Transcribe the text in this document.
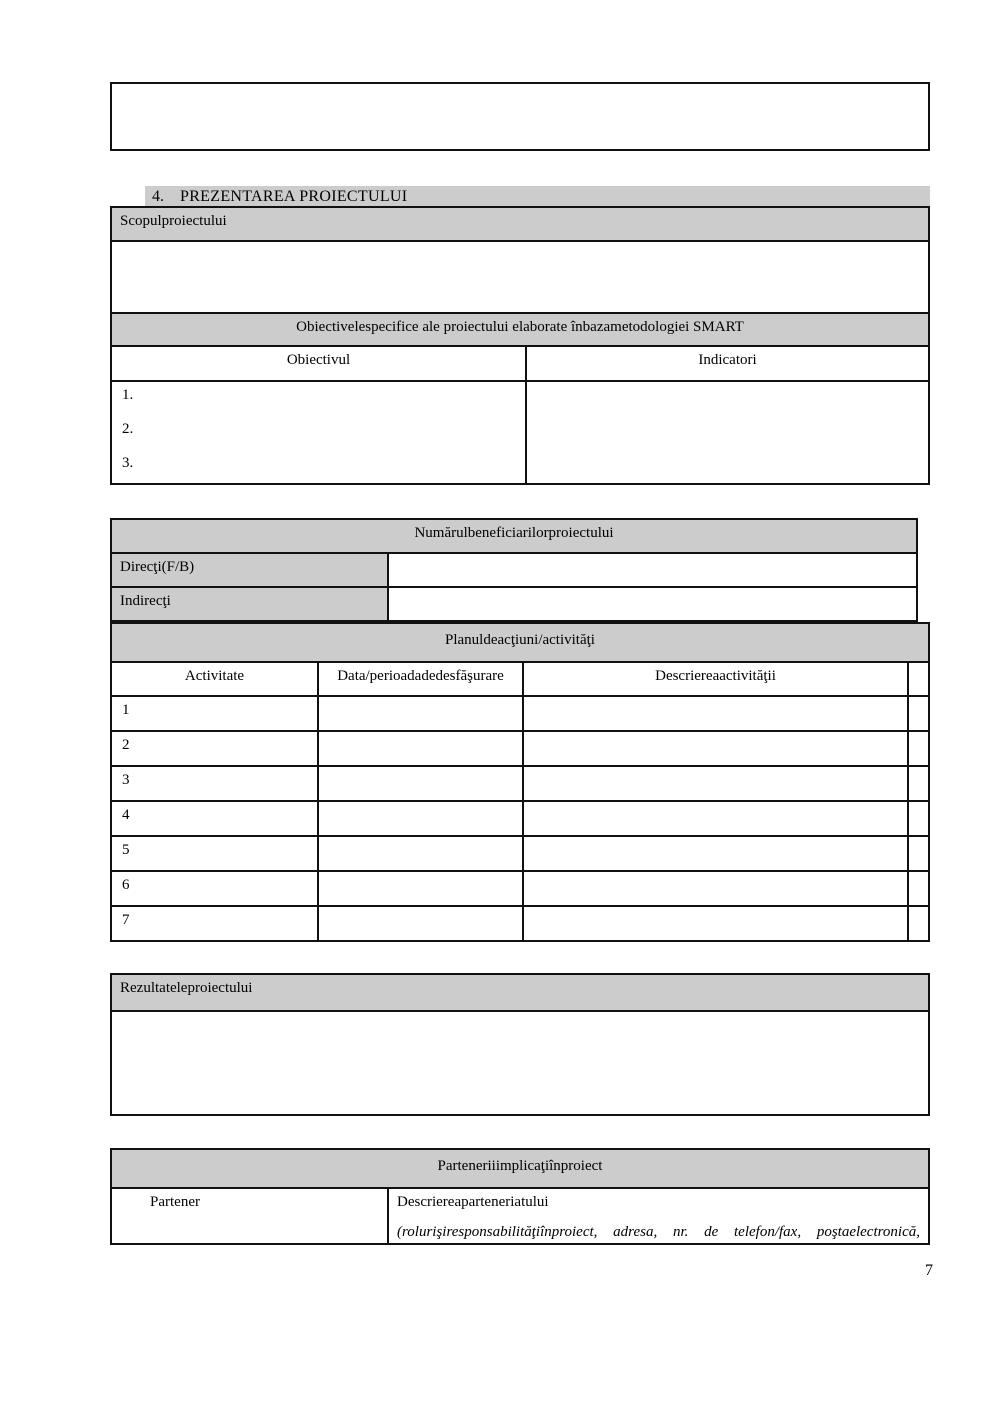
4. PREZENTAREA PROIECTULUI
Scopulproiectului
Obiectivelespecifice ale proiectului elaborate înbazametodologiei SMART
Obiectivul	Indicatori
1.
2.
3.
Numărulbeneficiarilorproiectului
Direcţi(F/B)
Indirecţi
Planuldeacţiuni/activităţi
Activitate	Data/perioadadedesfăşurare	Descriereaactivităţii
1
2
3
4
5
6
7
Rezultateleproiectului
Parteneriiimplicaţiînproiect
Partener	Descriereaparteneriatului
(rolurişiresponsabilităţiînproiect, adresa, nr. de telefon/fax, poştaelectronică,
7
